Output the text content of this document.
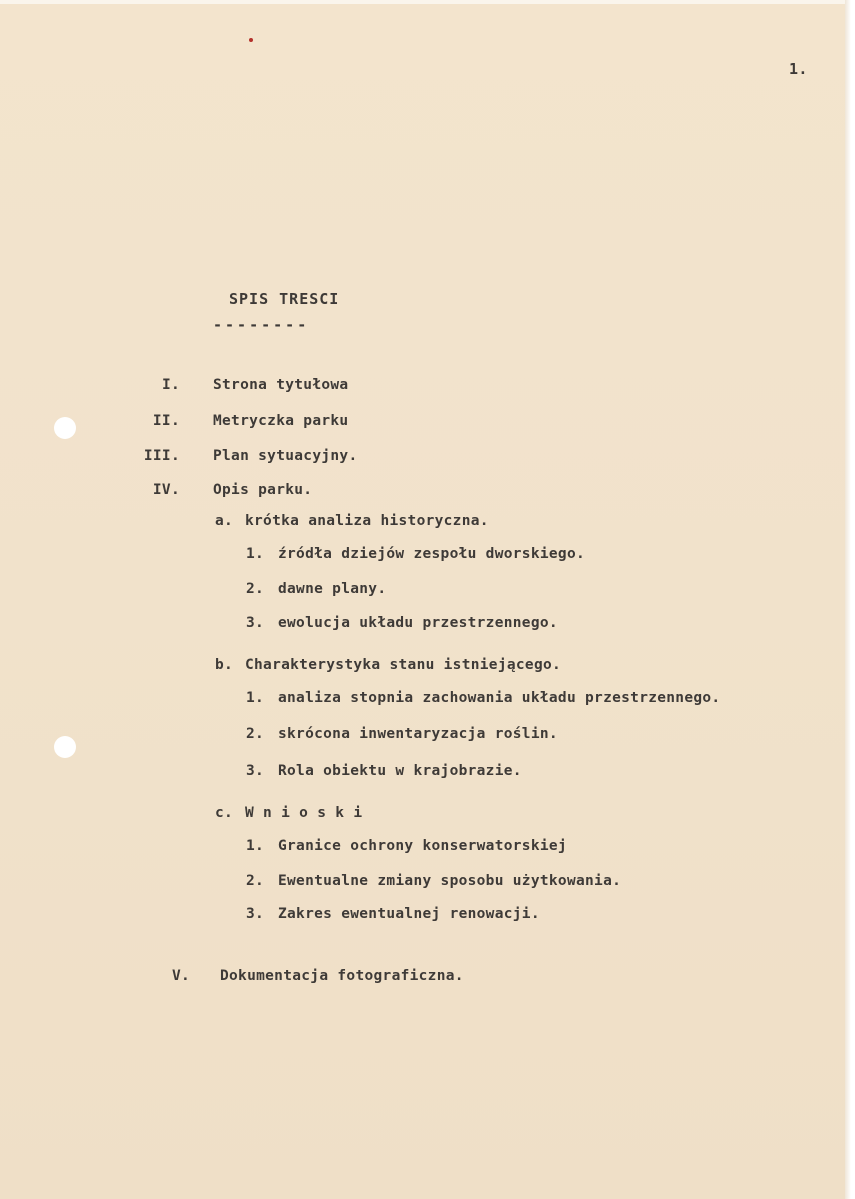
1.
SPIS TRESCI
--------
I. Strona tytułowa
II. Metryczka parku
III. Plan sytuacyjny.
IV. Opis parku.
a. krótka analiza historyczna.
1. źródła dziejów zespołu dworskiego.
2. dawne plany.
3. ewolucja układu przestrzennego.
b. Charakterystyka stanu istniejącego.
1. analiza stopnia zachowania układu przestrzennego.
2. skrócona inwentaryzacja roślin.
3. Rola obiektu w krajobrazie.
c. W n i o s k i
1. Granice ochrony konserwatorskiej
2. Ewentualne zmiany sposobu użytkowania.
3. Zakres ewentualnej renowacji.
V. Dokumentacja fotograficzna.
